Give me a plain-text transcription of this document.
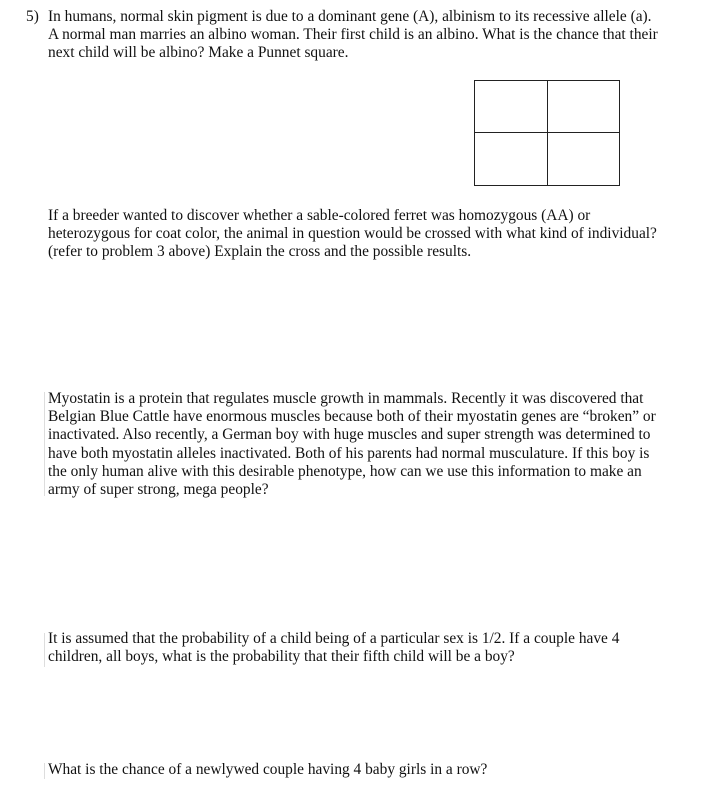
5) In humans, normal skin pigment is due to a dominant gene (A), albinism to its recessive allele (a).
A normal man marries an albino woman. Their first child is an albino. What is the chance that their
next child will be albino? Make a Punnet square.

If a breeder wanted to discover whether a sable-colored ferret was homozygous (AA) or
heterozygous for coat color, the animal in question would be crossed with what kind of individual?
(refer to problem 3 above) Explain the cross and the possible results.

Myostatin is a protein that regulates muscle growth in mammals. Recently it was discovered that
Belgian Blue Cattle have enormous muscles because both of their myostatin genes are “broken” or
inactivated. Also recently, a German boy with huge muscles and super strength was determined to
have both myostatin alleles inactivated. Both of his parents had normal musculature. If this boy is
the only human alive with this desirable phenotype, how can we use this information to make an
army of super strong, mega people?

It is assumed that the probability of a child being of a particular sex is 1/2. If a couple have 4
children, all boys, what is the probability that their fifth child will be a boy?

What is the chance of a newlywed couple having 4 baby girls in a row?
